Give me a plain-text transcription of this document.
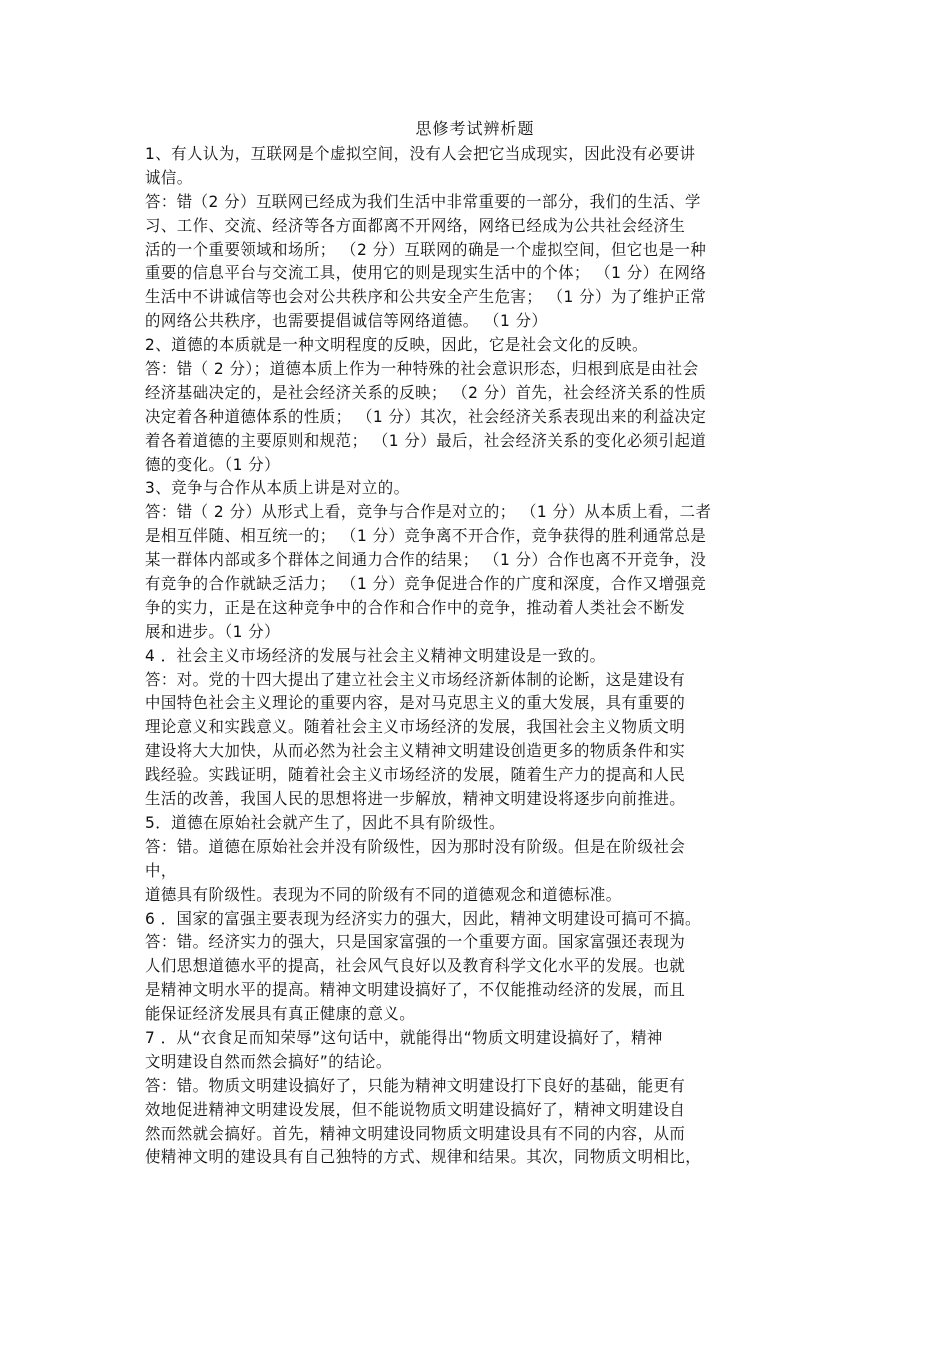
思修考试辨析题
1、有人认为，互联网是个虚拟空间，没有人会把它当成现实，因此没有必要讲
诚信。
答：错（2 分）互联网已经成为我们生活中非常重要的一部分，我们的生活、学
习、工作、交流、经济等各方面都离不开网络，网络已经成为公共社会经济生
活的一个重要领域和场所； （2 分）互联网的确是一个虚拟空间，但它也是一种
重要的信息平台与交流工具，使用它的则是现实生活中的个体； （1 分）在网络
生活中不讲诚信等也会对公共秩序和公共安全产生危害； （1 分）为了维护正常
的网络公共秩序，也需要提倡诚信等网络道德。 （1 分）
2、道德的本质就是一种文明程度的反映，因此，它是社会文化的反映。
答：错（ 2 分）；道德本质上作为一种特殊的社会意识形态，归根到底是由社会
经济基础决定的，是社会经济关系的反映； （2 分）首先，社会经济关系的性质
决定着各种道德体系的性质； （1 分）其次，社会经济关系表现出来的利益决定
着各着道德的主要原则和规范； （1 分）最后，社会经济关系的变化必须引起道
德的变化。（1 分）
3、竞争与合作从本质上讲是对立的。
答：错（ 2 分）从形式上看，竞争与合作是对立的； （1 分）从本质上看，二者
是相互伴随、相互统一的； （1 分）竞争离不开合作，竞争获得的胜利通常总是
某一群体内部或多个群体之间通力合作的结果； （1 分）合作也离不开竞争，没
有竞争的合作就缺乏活力； （1 分）竞争促进合作的广度和深度，合作又增强竞
争的实力，正是在这种竞争中的合作和合作中的竞争，推动着人类社会不断发
展和进步。（1 分）
4 ．社会主义市场经济的发展与社会主义精神文明建设是一致的。
答：对。党的十四大提出了建立社会主义市场经济新体制的论断，这是建设有
中国特色社会主义理论的重要内容，是对马克思主义的重大发展，具有重要的
理论意义和实践意义。随着社会主义市场经济的发展，我国社会主义物质文明
建设将大大加快，从而必然为社会主义精神文明建设创造更多的物质条件和实
践经验。实践证明，随着社会主义市场经济的发展，随着生产力的提高和人民
生活的改善，我国人民的思想将进一步解放，精神文明建设将逐步向前推进。
5．道德在原始社会就产生了，因此不具有阶级性。
答：错。道德在原始社会并没有阶级性，因为那时没有阶级。但是在阶级社会
中，
道德具有阶级性。表现为不同的阶级有不同的道德观念和道德标准。
6 ．国家的富强主要表现为经济实力的强大，因此，精神文明建设可搞可不搞。
答：错。经济实力的强大，只是国家富强的一个重要方面。国家富强还表现为
人们思想道德水平的提高，社会风气良好以及教育科学文化水平的发展。也就
是精神文明水平的提高。精神文明建设搞好了，不仅能推动经济的发展，而且
能保证经济发展具有真正健康的意义。
7 ．从“衣食足而知荣辱”这句话中，就能得出“物质文明建设搞好了，精神
文明建设自然而然会搞好”的结论。
答：错。物质文明建设搞好了，只能为精神文明建设打下良好的基础，能更有
效地促进精神文明建设发展，但不能说物质文明建设搞好了，精神文明建设自
然而然就会搞好。首先，精神文明建设同物质文明建设具有不同的内容，从而
使精神文明的建设具有自己独特的方式、规律和结果。其次，同物质文明相比，
